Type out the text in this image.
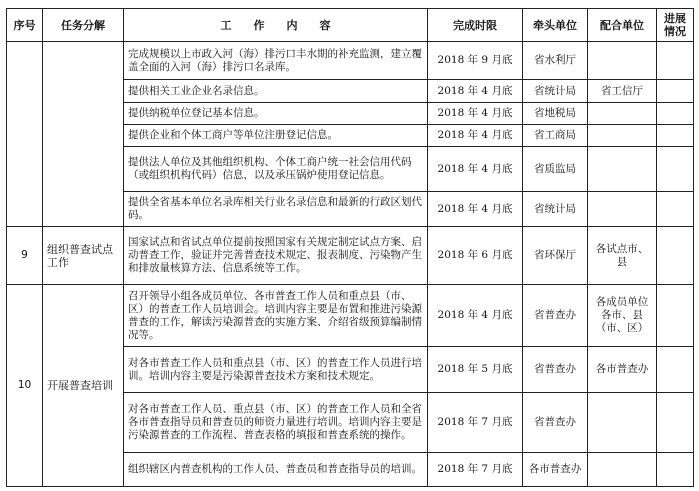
序号	任务分解	工　　作　　内　　容	完成时限	牵头单位	配合单位	进展情况
		完成规模以上市政入河（海）排污口丰水期的补充监测，建立覆盖全面的入河（海）排污口名录库。	2018 年 9 月底	省水利厅		
		提供相关工业企业名录信息。	2018 年 4 月底	省统计局	省工信厅	
		提供纳税单位登记基本信息。	2018 年 4 月底	省地税局		
		提供企业和个体工商户等单位注册登记信息。	2018 年 4 月底	省工商局		
		提供法人单位及其他组织机构、个体工商户统一社会信用代码（或组织机构代码）信息，以及承压锅炉使用登记信息。	2018 年 4 月底	省质监局		
		提供全省基本单位名录库相关行业名录信息和最新的行政区划代码。	2018 年 4 月底	省统计局		
9	组织普查试点工作	国家试点和省试点单位提前按照国家有关规定制定试点方案、启动普查工作，验证并完善普查技术规定、报表制度、污染物产生和排放量核算方法、信息系统等工作。	2018 年 6 月底	省环保厅	各试点市、县	
10	开展普查培训	召开领导小组各成员单位、各市普查工作人员和重点县（市、区）的普查工作人员培训会。培训内容主要是布置和推进污染源普查的工作，解读污染源普查的实施方案、介绍省级预算编制情况等。	2018 年 4 月底	省普查办	各成员单位各市、县（市、区）	
		对各市普查工作人员和重点县（市、区）的普查工作人员进行培训。培训内容主要是污染源普查技术方案和技术规定。	2018 年 5 月底	省普查办	各市普查办	
		对各市普查工作人员、重点县（市、区）的普查工作人员和全省各市普查指导员和普查员的师资力量进行培训。培训内容主要是污染源普查的工作流程、普查表格的填报和普查系统的操作。	2018 年 7 月底	省普查办		
		组织辖区内普查机构的工作人员、普查员和普查指导员的培训。	2018 年 7 月底	各市普查办		
